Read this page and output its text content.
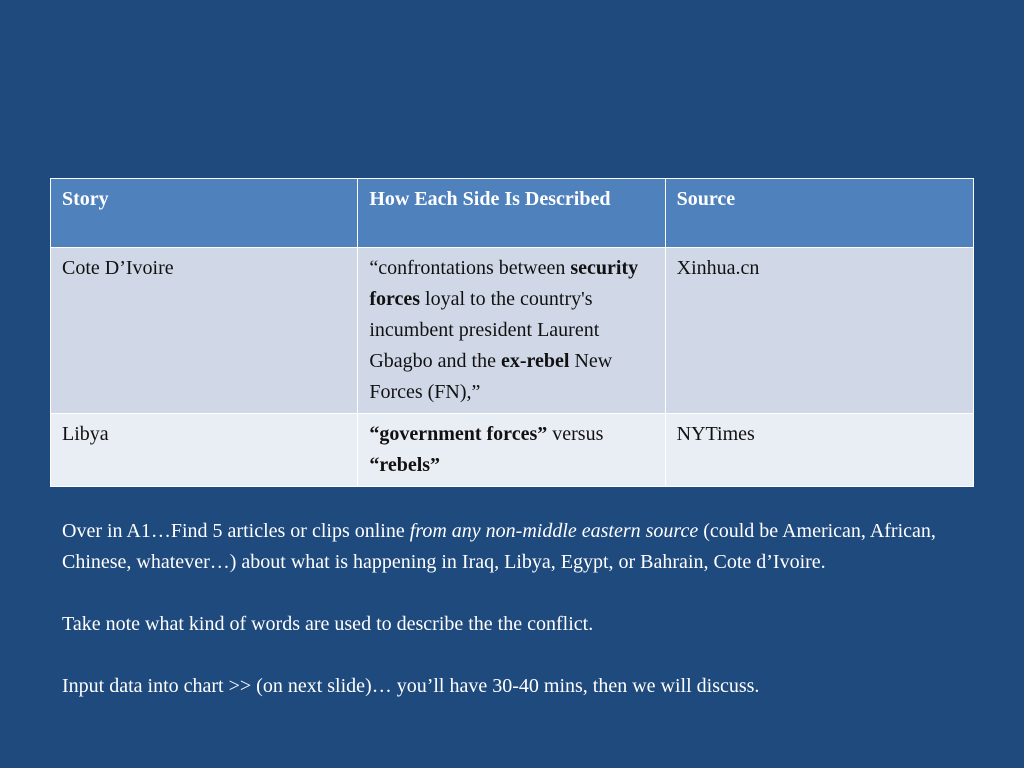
Story	How Each Side Is Described	Source
Cote D’Ivoire	“confrontations between security forces loyal to the country's incumbent president Laurent Gbagbo and the ex-rebel New Forces (FN),”	Xinhua.cn
Libya	“government forces” versus “rebels”	NYTimes

Over in A1…Find 5 articles or clips online from any non-middle eastern source (could be American, African, Chinese, whatever…) about what is happening in Iraq, Libya, Egypt, or Bahrain, Cote d’Ivoire.

Take note what kind of words are used to describe the the conflict.

Input data into chart >> (on next slide)… you’ll have 30-40 mins, then we will discuss.
